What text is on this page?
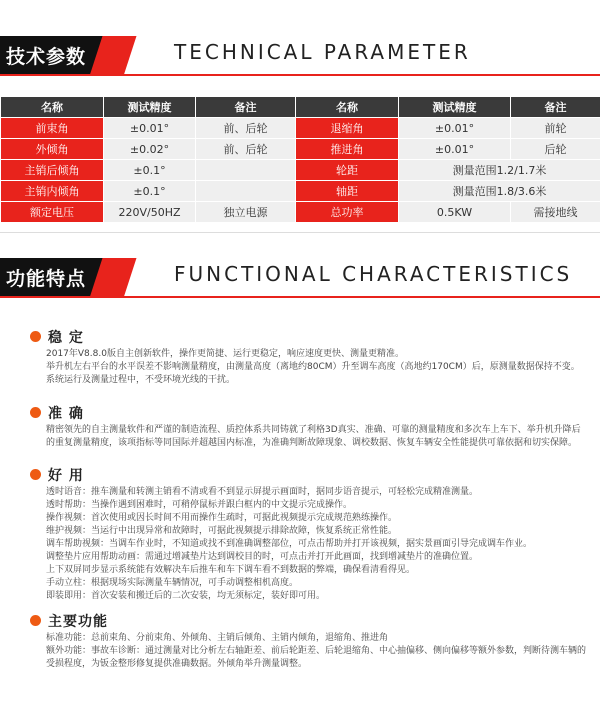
技术参数	TECHNICAL PARAMETER
名称	测试精度	备注	名称	测试精度	备注
前束角	±0.01°	前、后轮	退缩角	±0.01°	前轮
外倾角	±0.02°	前、后轮	推进角	±0.01°	后轮
主销后倾角	±0.1°		轮距	测量范围1.2/1.7米	
主销内倾角	±0.1°		轴距	测量范围1.8/3.6米	
额定电压	220V/50HZ	独立电源	总功率	0.5KW	需接地线
功能特点	FUNCTIONAL CHARACTERISTICS
稳 定
2017年V8.8.0版自主创新软件，操作更简捷、运行更稳定，响应速度更快、测量更精准。
举升机左右平台的水平误差不影响测量精度，由测量高度（离地约80CM）升至调车高度（高地约170CM）后，原测量数据保持不变。
系统运行及测量过程中，不受环境光线的干扰。
准 确
精密领先的自主测量软件和严谨的制造流程、质控体系共同铸就了利格3D真实、准确、可靠的测量精度和多次车上车下、举升机升降后的重复测量精度，该项指标等同国际并超越国内标准，为准确判断故障现象、调校数据、恢复车辆安全性能提供可靠依据和切实保障。
好 用
透时语音：推车测量和转测主销看不清或看不到显示屏提示画面时，据同步语音提示，可轻松完成精准测量。
透时帮助：当操作遇到困难时，可稍停鼠标并跟白框内的中文提示完成操作。
操作视频：首次使用或因长时间不用而操作生疏时，可据此视频提示完成规范熟练操作。
维护视频：当运行中出现异常和故障时，可据此视频提示排除故障，恢复系统正常性能。
调车帮助视频：当调车作业时，不知道或找不到准确调整部位，可点击帮助并打开该视频，据实景画面引导完成调车作业。
调整垫片应用帮助动画：需通过增减垫片达到调校目的时，可点击并打开此画面，找到增减垫片的准确位置。
上下双屏同步显示系统能有效解决车后推车和车下调车看不到数据的弊端，确保看清看得见。
手动立柱：根据现场实际测量车辆情况，可手动调整相机高度。
即装即用：首次安装和搬迁后的二次安装，均无须标定，装好即可用。
主要功能
标准功能：总前束角、分前束角、外倾角、主销后倾角、主销内倾角，退缩角、推进角
额外功能：事故车诊断：通过测量对比分析左右轴距差、前后轮距差、后轮退缩角、中心抽偏移、侧向偏移等额外参数，判断待测车辆的受损程度，为钣金整形修复提供准确数据。外倾角举升测量调整。
